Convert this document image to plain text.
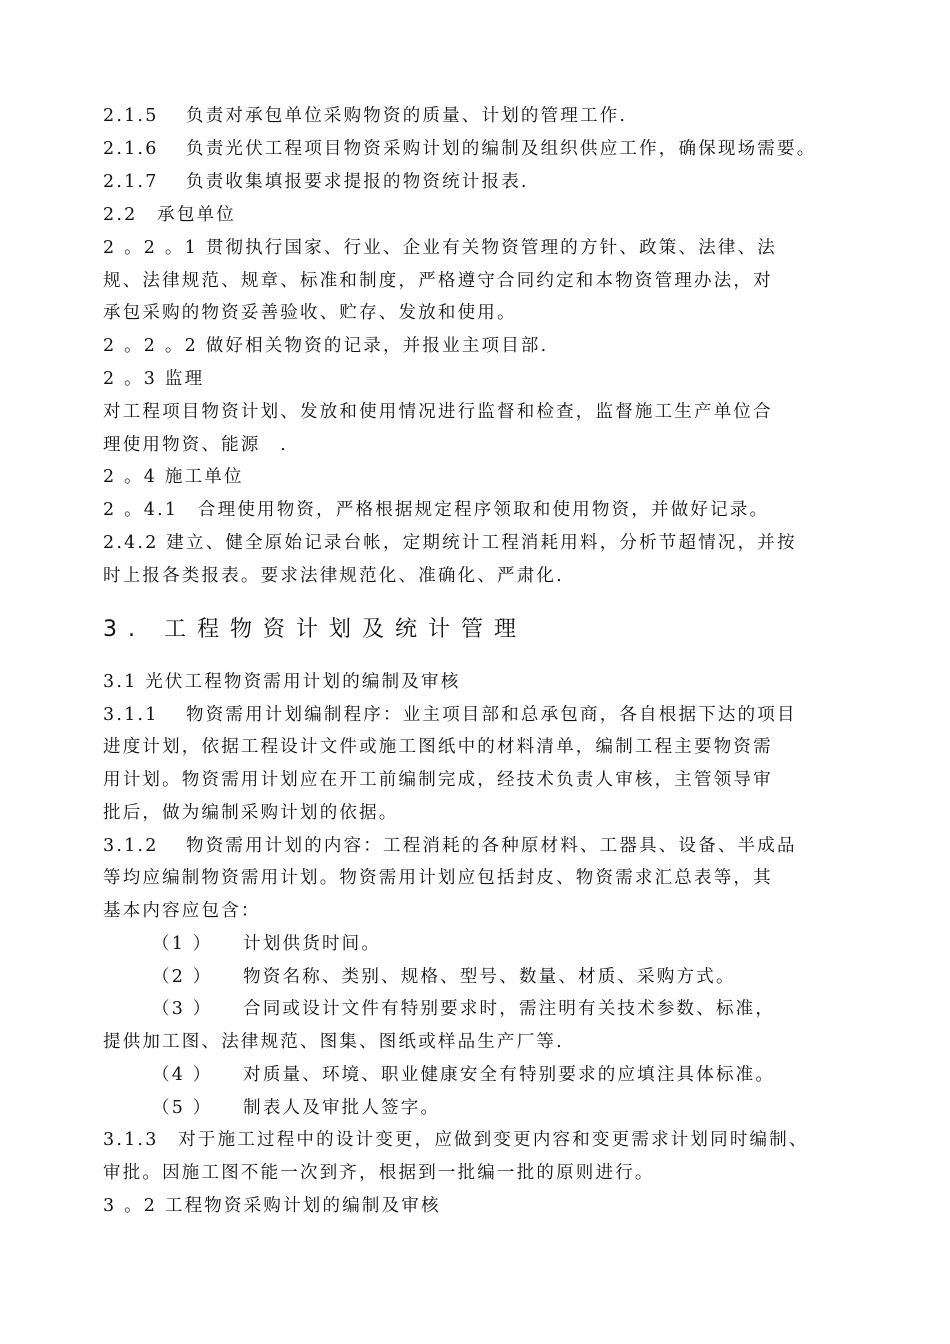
2.1.5　 负责对承包单位采购物资的质量、计划的管理工作.

2.1.6　 负责光伏工程项目物资采购计划的编制及组织供应工作，确保现场需要。

2.1.7　 负责收集填报要求提报的物资统计报表.

2.2　承包单位

2 。2 。1 贯彻执行国家、行业、企业有关物资管理的方针、政策、法律、法

规、法律规范、规章、标准和制度，严格遵守合同约定和本物资管理办法，对

承包采购的物资妥善验收、贮存、发放和使用。

2 。2 。2 做好相关物资的记录，并报业主项目部.

2 。3 监理

对工程项目物资计划、发放和使用情况进行监督和检查，监督施工生产单位合

理使用物资、能源　.

2 。4 施工单位

2 。4.1　合理使用物资，严格根据规定程序领取和使用物资，并做好记录。

2.4.2 建立、健全原始记录台帐，定期统计工程消耗用料，分析节超情况，并按

时上报各类报表。要求法律规范化、准确化、严肃化.

3. 工程物资计划及统计管理

3.1 光伏工程物资需用计划的编制及审核

3.1.1　 物资需用计划编制程序：业主项目部和总承包商，各自根据下达的项目

进度计划，依据工程设计文件或施工图纸中的材料清单，编制工程主要物资需

用计划。物资需用计划应在开工前编制完成，经技术负责人审核，主管领导审

批后，做为编制采购计划的依据。

3.1.2　 物资需用计划的内容：工程消耗的各种原材料、工器具、设备、半成品

等均应编制物资需用计划。物资需用计划应包括封皮、物资需求汇总表等，其

基本内容应包含：

（1 ）　　计划供货时间。

（2 ）　　物资名称、类别、规格、型号、数量、材质、采购方式。

（3 ）　　合同或设计文件有特别要求时，需注明有关技术参数、标准，

提供加工图、法律规范、图集、图纸或样品生产厂等.

（4 ）　　对质量、环境、职业健康安全有特别要求的应填注具体标准。

（5 ）　　制表人及审批人签字。

3.1.3　对于施工过程中的设计变更，应做到变更内容和变更需求计划同时编制、

审批。因施工图不能一次到齐，根据到一批编一批的原则进行。

3 。2 工程物资采购计划的编制及审核
